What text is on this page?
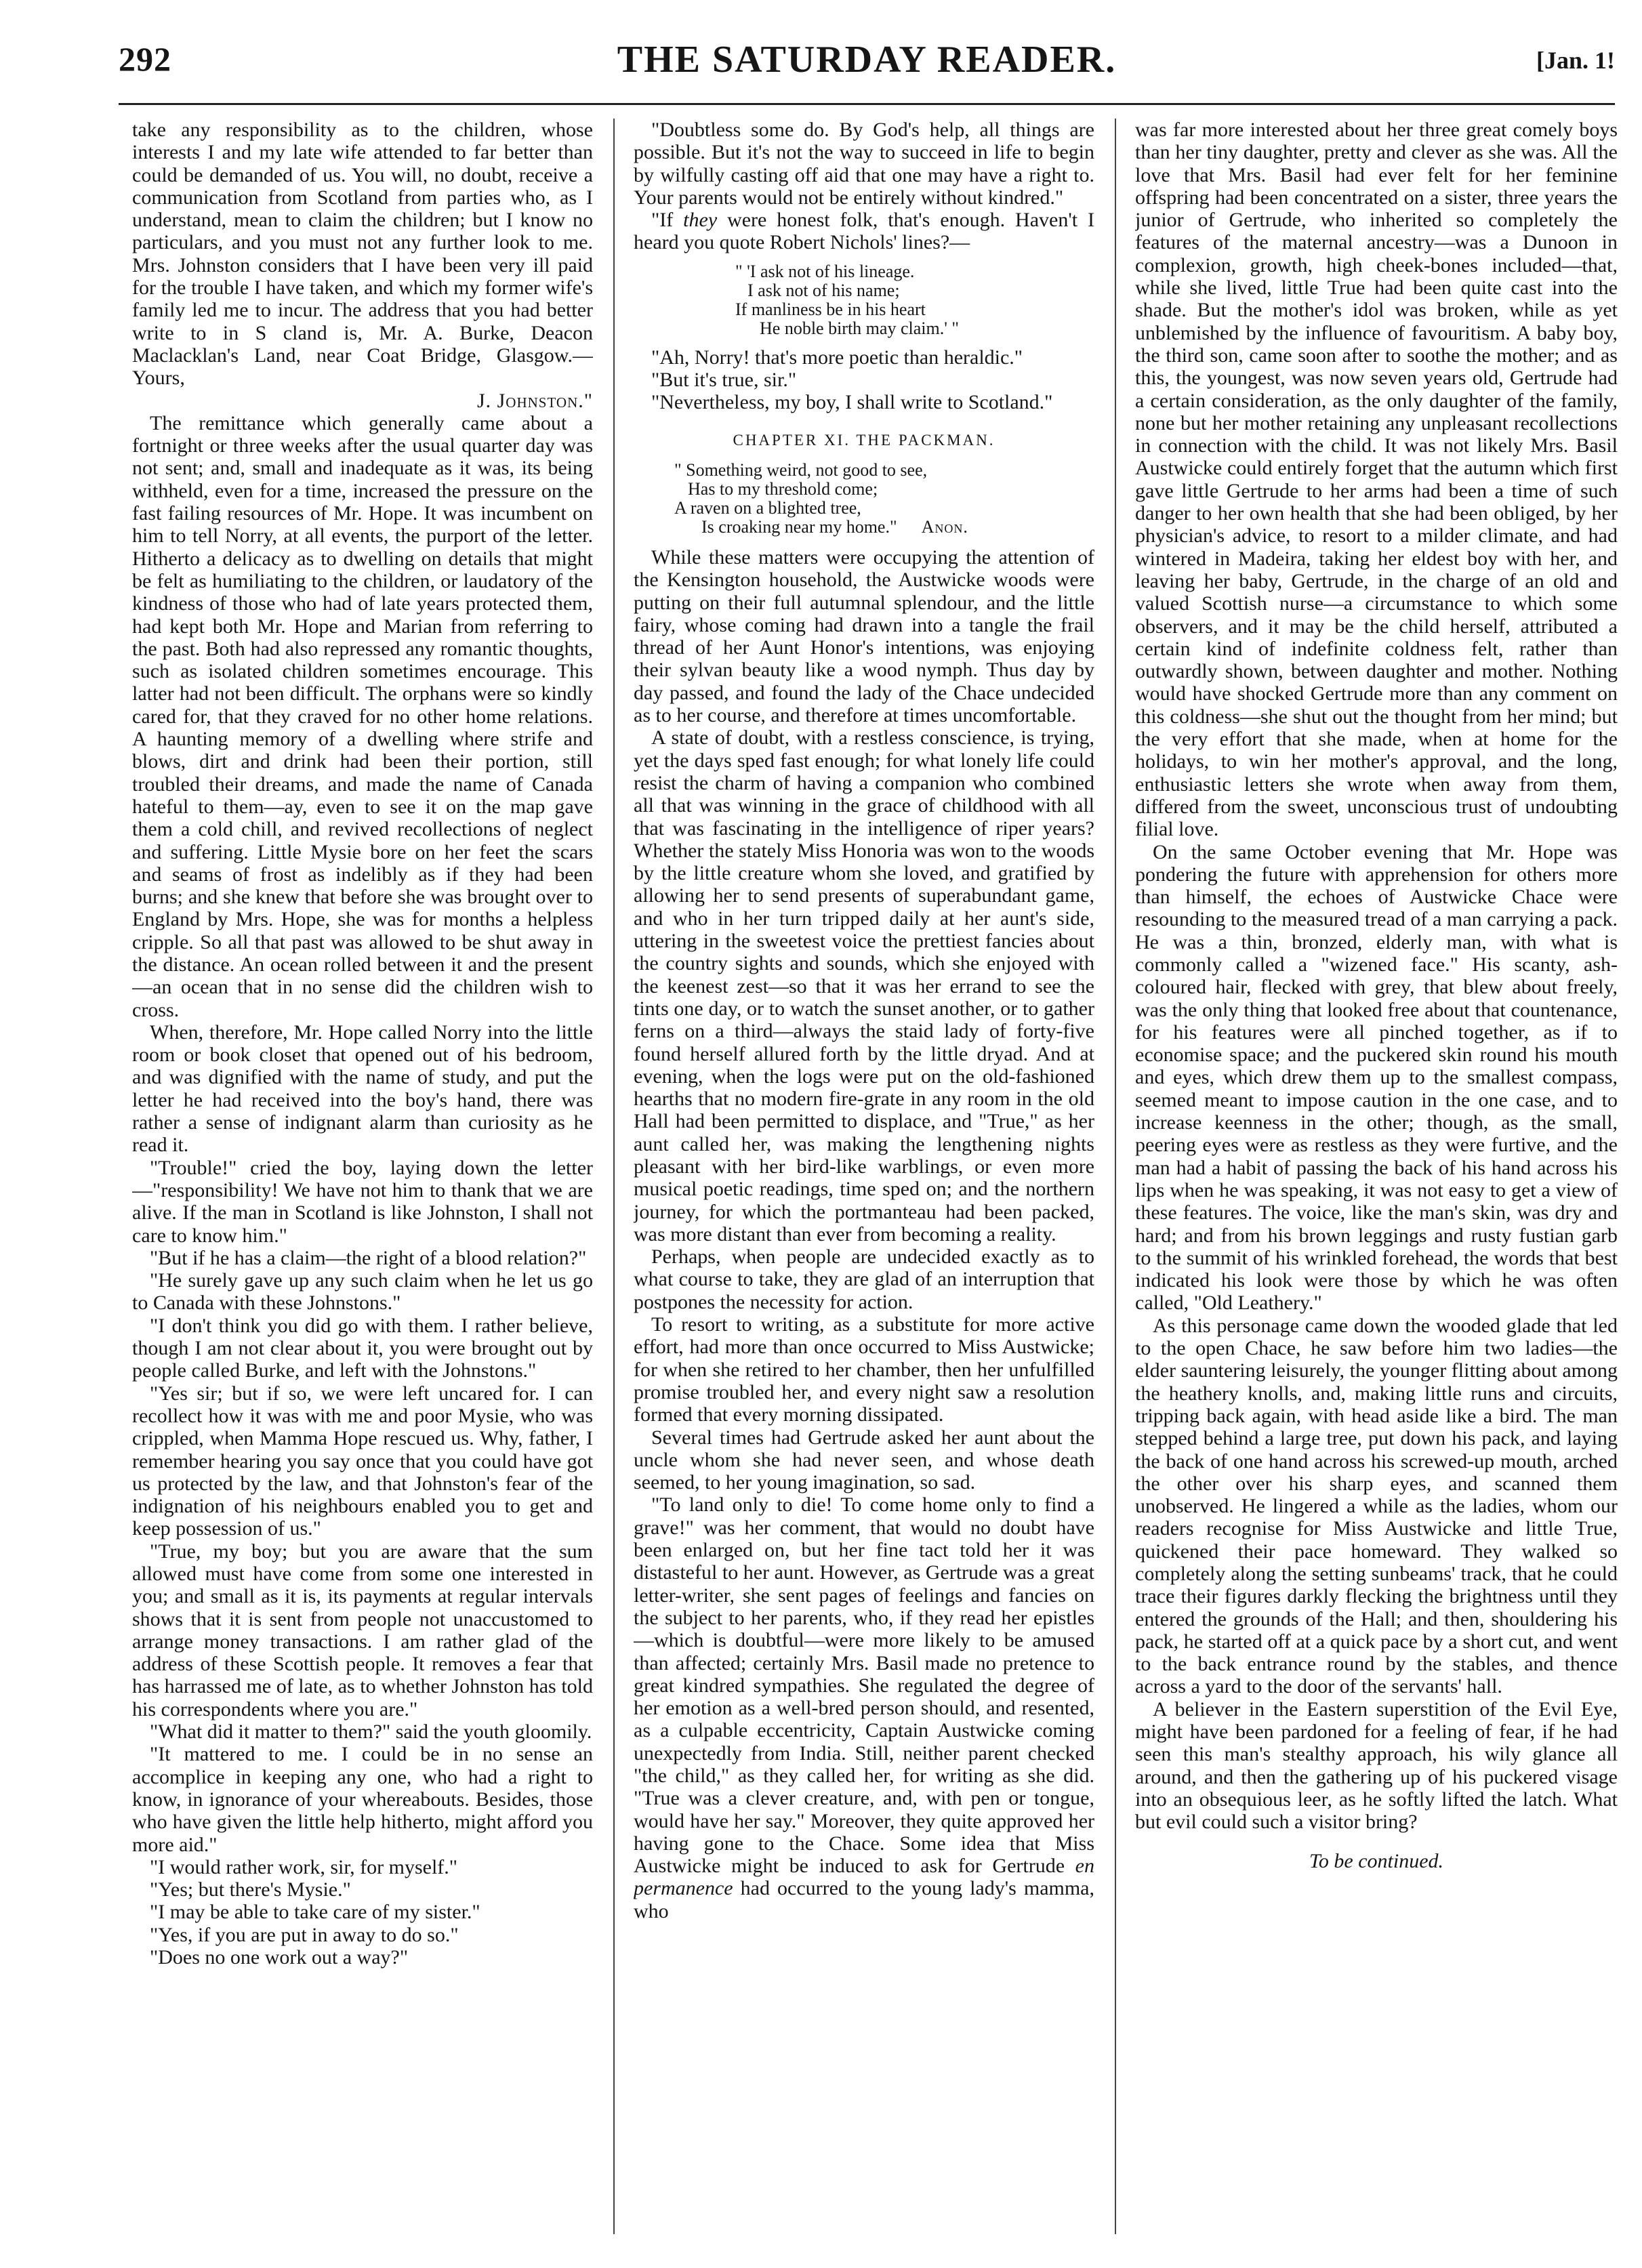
292	THE SATURDAY READER.	[Jan. 1!

take any responsibility as to the children, whose interests I and my late wife attended to far better than could be demanded of us. You will, no doubt, receive a communication from Scotland from parties who, as I understand, mean to claim the children; but I know no particulars, and you must not any further look to me. Mrs. Johnston considers that I have been very ill paid for the trouble I have taken, and which my former wife's family led me to incur. The address that you had better write to in S cland is, Mr. A. Burke, Deacon Maclacklan's Land, near Coat Bridge, Glasgow.—Yours,

J. Johnston."

The remittance which generally came about a fortnight or three weeks after the usual quarter day was not sent; and, small and inadequate as it was, its being withheld, even for a time, increased the pressure on the fast failing resources of Mr. Hope. It was incumbent on him to tell Norry, at all events, the purport of the letter. Hitherto a delicacy as to dwelling on details that might be felt as humiliating to the children, or laudatory of the kindness of those who had of late years protected them, had kept both Mr. Hope and Marian from referring to the past. Both had also repressed any romantic thoughts, such as isolated children sometimes encourage. This latter had not been difficult. The orphans were so kindly cared for, that they craved for no other home relations. A haunting memory of a dwelling where strife and blows, dirt and drink had been their portion, still troubled their dreams, and made the name of Canada hateful to them—ay, even to see it on the map gave them a cold chill, and revived recollections of neglect and suffering. Little Mysie bore on her feet the scars and seams of frost as indelibly as if they had been burns; and she knew that before she was brought over to England by Mrs. Hope, she was for months a helpless cripple. So all that past was allowed to be shut away in the distance. An ocean rolled between it and the present—an ocean that in no sense did the children wish to cross.

When, therefore, Mr. Hope called Norry into the little room or book closet that opened out of his bedroom, and was dignified with the name of study, and put the letter he had received into the boy's hand, there was rather a sense of indignant alarm than curiosity as he read it.

"Trouble!" cried the boy, laying down the letter—"responsibility! We have not him to thank that we are alive. If the man in Scotland is like Johnston, I shall not care to know him."

"But if he has a claim—the right of a blood relation?"

"He surely gave up any such claim when he let us go to Canada with these Johnstons."

"I don't think you did go with them. I rather believe, though I am not clear about it, you were brought out by people called Burke, and left with the Johnstons."

"Yes sir; but if so, we were left uncared for. I can recollect how it was with me and poor Mysie, who was crippled, when Mamma Hope rescued us. Why, father, I remember hearing you say once that you could have got us protected by the law, and that Johnston's fear of the indignation of his neighbours enabled you to get and keep possession of us."

"True, my boy; but you are aware that the sum allowed must have come from some one interested in you; and small as it is, its payments at regular intervals shows that it is sent from people not unaccustomed to arrange money transactions. I am rather glad of the address of these Scottish people. It removes a fear that has harrassed me of late, as to whether Johnston has told his correspondents where you are."

"What did it matter to them?" said the youth gloomily.

"It mattered to me. I could be in no sense an accomplice in keeping any one, who had a right to know, in ignorance of your whereabouts. Besides, those who have given the little help hitherto, might afford you more aid."

"I would rather work, sir, for myself."

"Yes; but there's Mysie."

"I may be able to take care of my sister."

"Yes, if you are put in away to do so."

"Does no one work out a way?"

"Doubtless some do. By God's help, all things are possible. But it's not the way to succeed in life to begin by wilfully casting off aid that one may have a right to. Your parents would not be entirely without kindred."

"If they were honest folk, that's enough. Haven't I heard you quote Robert Nichols' lines?—

" 'I ask not of his lineage.
I ask not of his name;
If manliness be in his heart
He noble birth may claim.' "

"Ah, Norry! that's more poetic than heraldic."

"But it's true, sir."

"Nevertheless, my boy, I shall write to Scotland."

CHAPTER XI. THE PACKMAN.
" Something weird, not good to see,
Has to my threshold come;
A raven on a blighted tree,
Is croaking near my home." Anon.

While these matters were occupying the attention of the Kensington household, the Austwicke woods were putting on their full autumnal splendour, and the little fairy, whose coming had drawn into a tangle the frail thread of her Aunt Honor's intentions, was enjoying their sylvan beauty like a wood nymph. Thus day by day passed, and found the lady of the Chace undecided as to her course, and therefore at times uncomfortable.

A state of doubt, with a restless conscience, is trying, yet the days sped fast enough; for what lonely life could resist the charm of having a companion who combined all that was winning in the grace of childhood with all that was fascinating in the intelligence of riper years? Whether the stately Miss Honoria was won to the woods by the little creature whom she loved, and gratified by allowing her to send presents of superabundant game, and who in her turn tripped daily at her aunt's side, uttering in the sweetest voice the prettiest fancies about the country sights and sounds, which she enjoyed with the keenest zest—so that it was her errand to see the tints one day, or to watch the sunset another, or to gather ferns on a third—always the staid lady of forty-five found herself allured forth by the little dryad. And at evening, when the logs were put on the old-fashioned hearths that no modern fire-grate in any room in the old Hall had been permitted to displace, and "True," as her aunt called her, was making the lengthening nights pleasant with her bird-like warblings, or even more musical poetic readings, time sped on; and the northern journey, for which the portmanteau had been packed, was more distant than ever from becoming a reality.

Perhaps, when people are undecided exactly as to what course to take, they are glad of an interruption that postpones the necessity for action.

To resort to writing, as a substitute for more active effort, had more than once occurred to Miss Austwicke; for when she retired to her chamber, then her unfulfilled promise troubled her, and every night saw a resolution formed that every morning dissipated.

Several times had Gertrude asked her aunt about the uncle whom she had never seen, and whose death seemed, to her young imagination, so sad.

"To land only to die! To come home only to find a grave!" was her comment, that would no doubt have been enlarged on, but her fine tact told her it was distasteful to her aunt. However, as Gertrude was a great letter-writer, she sent pages of feelings and fancies on the subject to her parents, who, if they read her epistles—which is doubtful—were more likely to be amused than affected; certainly Mrs. Basil made no pretence to great kindred sympathies. She regulated the degree of her emotion as a well-bred person should, and resented, as a culpable eccentricity, Captain Austwicke coming unexpectedly from India. Still, neither parent checked "the child," as they called her, for writing as she did. "True was a clever creature, and, with pen or tongue, would have her say." Moreover, they quite approved her having gone to the Chace. Some idea that Miss Austwicke might be induced to ask for Gertrude en permanence had occurred to the young lady's mamma, who

was far more interested about her three great comely boys than her tiny daughter, pretty and clever as she was. All the love that Mrs. Basil had ever felt for her feminine offspring had been concentrated on a sister, three years the junior of Gertrude, who inherited so completely the features of the maternal ancestry—was a Dunoon in complexion, growth, high cheek-bones included—that, while she lived, little True had been quite cast into the shade. But the mother's idol was broken, while as yet unblemished by the influence of favouritism. A baby boy, the third son, came soon after to soothe the mother; and as this, the youngest, was now seven years old, Gertrude had a certain consideration, as the only daughter of the family, none but her mother retaining any unpleasant recollections in connection with the child. It was not likely Mrs. Basil Austwicke could entirely forget that the autumn which first gave little Gertrude to her arms had been a time of such danger to her own health that she had been obliged, by her physician's advice, to resort to a milder climate, and had wintered in Madeira, taking her eldest boy with her, and leaving her baby, Gertrude, in the charge of an old and valued Scottish nurse—a circumstance to which some observers, and it may be the child herself, attributed a certain kind of indefinite coldness felt, rather than outwardly shown, between daughter and mother. Nothing would have shocked Gertrude more than any comment on this coldness—she shut out the thought from her mind; but the very effort that she made, when at home for the holidays, to win her mother's approval, and the long, enthusiastic letters she wrote when away from them, differed from the sweet, unconscious trust of undoubting filial love.

On the same October evening that Mr. Hope was pondering the future with apprehension for others more than himself, the echoes of Austwicke Chace were resounding to the measured tread of a man carrying a pack. He was a thin, bronzed, elderly man, with what is commonly called a "wizened face." His scanty, ash-coloured hair, flecked with grey, that blew about freely, was the only thing that looked free about that countenance, for his features were all pinched together, as if to economise space; and the puckered skin round his mouth and eyes, which drew them up to the smallest compass, seemed meant to impose caution in the one case, and to increase keenness in the other; though, as the small, peering eyes were as restless as they were furtive, and the man had a habit of passing the back of his hand across his lips when he was speaking, it was not easy to get a view of these features. The voice, like the man's skin, was dry and hard; and from his brown leggings and rusty fustian garb to the summit of his wrinkled forehead, the words that best indicated his look were those by which he was often called, "Old Leathery."

As this personage came down the wooded glade that led to the open Chace, he saw before him two ladies—the elder sauntering leisurely, the younger flitting about among the heathery knolls, and, making little runs and circuits, tripping back again, with head aside like a bird. The man stepped behind a large tree, put down his pack, and laying the back of one hand across his screwed-up mouth, arched the other over his sharp eyes, and scanned them unobserved. He lingered a while as the ladies, whom our readers recognise for Miss Austwicke and little True, quickened their pace homeward. They walked so completely along the setting sunbeams' track, that he could trace their figures darkly flecking the brightness until they entered the grounds of the Hall; and then, shouldering his pack, he started off at a quick pace by a short cut, and went to the back entrance round by the stables, and thence across a yard to the door of the servants' hall.

A believer in the Eastern superstition of the Evil Eye, might have been pardoned for a feeling of fear, if he had seen this man's stealthy approach, his wily glance all around, and then the gathering up of his puckered visage into an obsequious leer, as he softly lifted the latch. What but evil could such a visitor bring?

To be continued.
